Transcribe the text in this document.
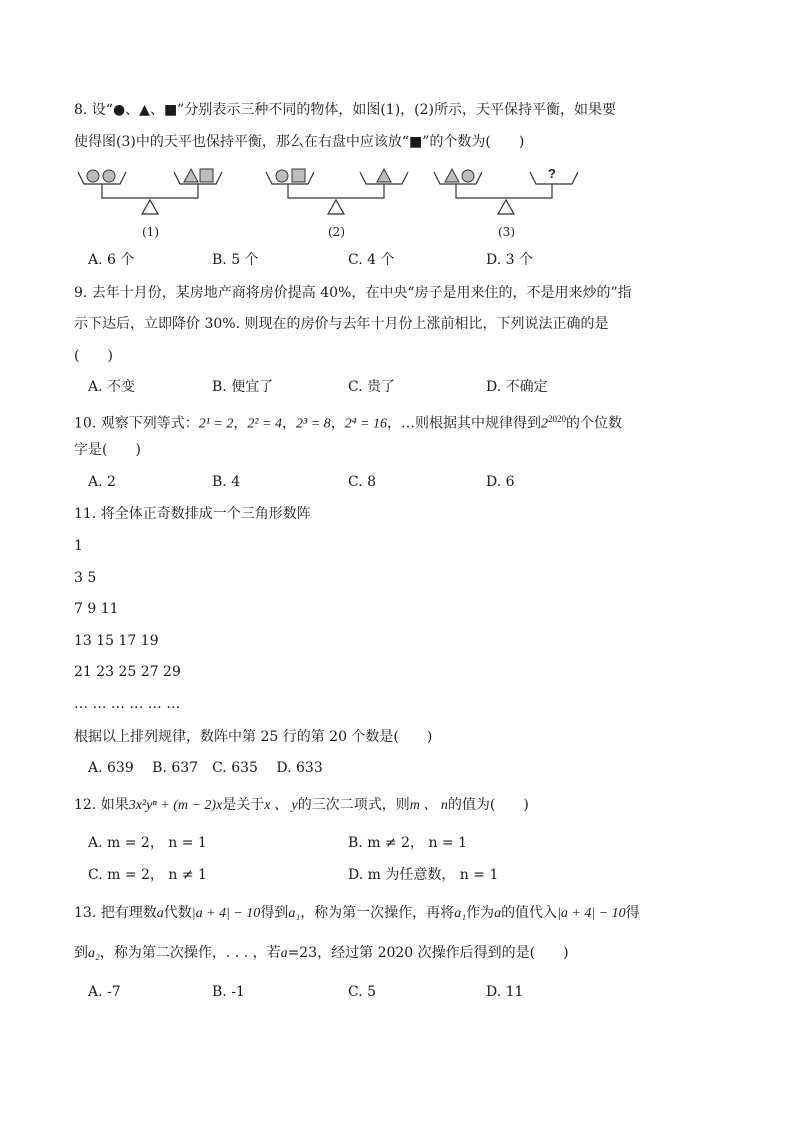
8. 设“●、▲、■”分别表示三种不同的物体，如图(1)，(2)所示，天平保持平衡，如果要
使得图(3)中的天平也保持平衡，那么在右盘中应该放“■”的个数为(　　)
?
(1)	(2)	(3)
A. 6 个	B. 5 个	C. 4 个	D. 3 个
9. 去年十月份，某房地产商将房价提高 40%，在中央“房子是用来住的，不是用来炒的”指
示下达后，立即降价 30%. 则现在的房价与去年十月份上涨前相比，下列说法正确的是
(　　)
A. 不变	B. 便宜了	C. 贵了	D. 不确定
10. 观察下列等式：2¹ = 2，2² = 4，2³ = 8，2⁴ = 16，…则根据其中规律得到$2^{2020}$的个位数
字是(　　)
A. 2	B. 4	C. 8	D. 6
11. 将全体正奇数排成一个三角形数阵
1
3 5
7 9 11
13 15 17 19
21 23 25 27 29
… … … … … …
根据以上排列规律，数阵中第 25 行的第 20 个数是(　　)
A. 639　 B. 637　C. 635　 D. 633
12. 如果3x²yⁿ + (m − 2)x是关于x 、 y的三次二项式，则m 、 n的值为(　　)
A. m = 2， n = 1	B. m ≠ 2， n = 1
C. m = 2， n ≠ 1	D. m 为任意数， n = 1
13. 把有理数a代数|a + 4| − 10得到a₁，称为第一次操作，再将a₁作为a的值代入|a + 4| − 10得
到a₂，称为第二次操作，. . . ，若a=23，经过第 2020 次操作后得到的是(　　)
A. -7	B. -1	C. 5	D. 11
